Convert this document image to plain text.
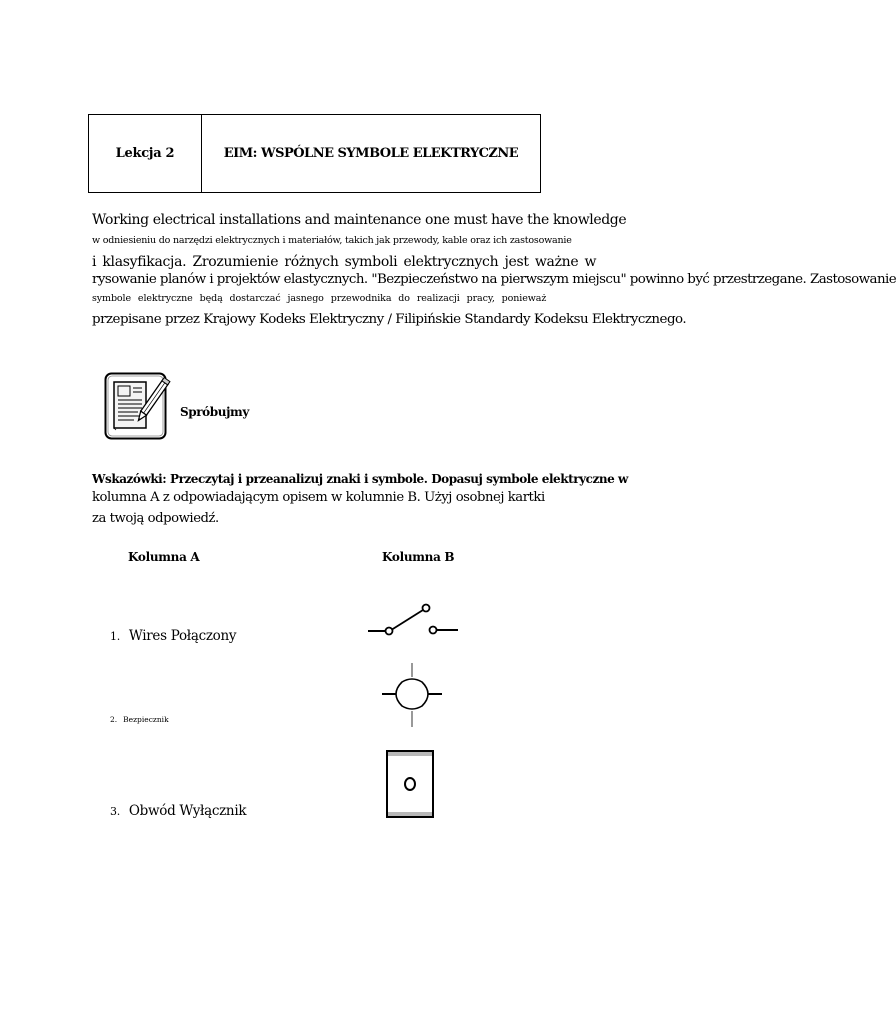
Lekcja 2	EIM: WSPÓLNE SYMBOLE ELEKTRYCZNE
Working electrical installations and maintenance one must have the knowledge
w odniesieniu do narzędzi elektrycznych i materiałów, takich jak przewody, kable oraz ich zastosowanie
i klasyfikacja. Zrozumienie różnych symboli elektrycznych jest ważne w
rysowanie planów i projektów elastycznych. "Bezpieczeństwo na pierwszym miejscu" powinno być przestrzegane. Zastosowanie
symbole elektryczne będą dostarczać jasnego przewodnika do realizacji pracy, ponieważ
przepisane przez Krajowy Kodeks Elektryczny / Filipińskie Standardy Kodeksu Elektrycznego.
Spróbujmy
Wskazówki: Przeczytaj i przeanalizuj znaki i symbole. Dopasuj symbole elektryczne w
kolumna A z odpowiadającym opisem w kolumnie B. Użyj osobnej kartki
za twoją odpowiedź.
Kolumna A	Kolumna B
1. Wires Połączony
2. Bezpiecznik
3. Obwód Wyłącznik
